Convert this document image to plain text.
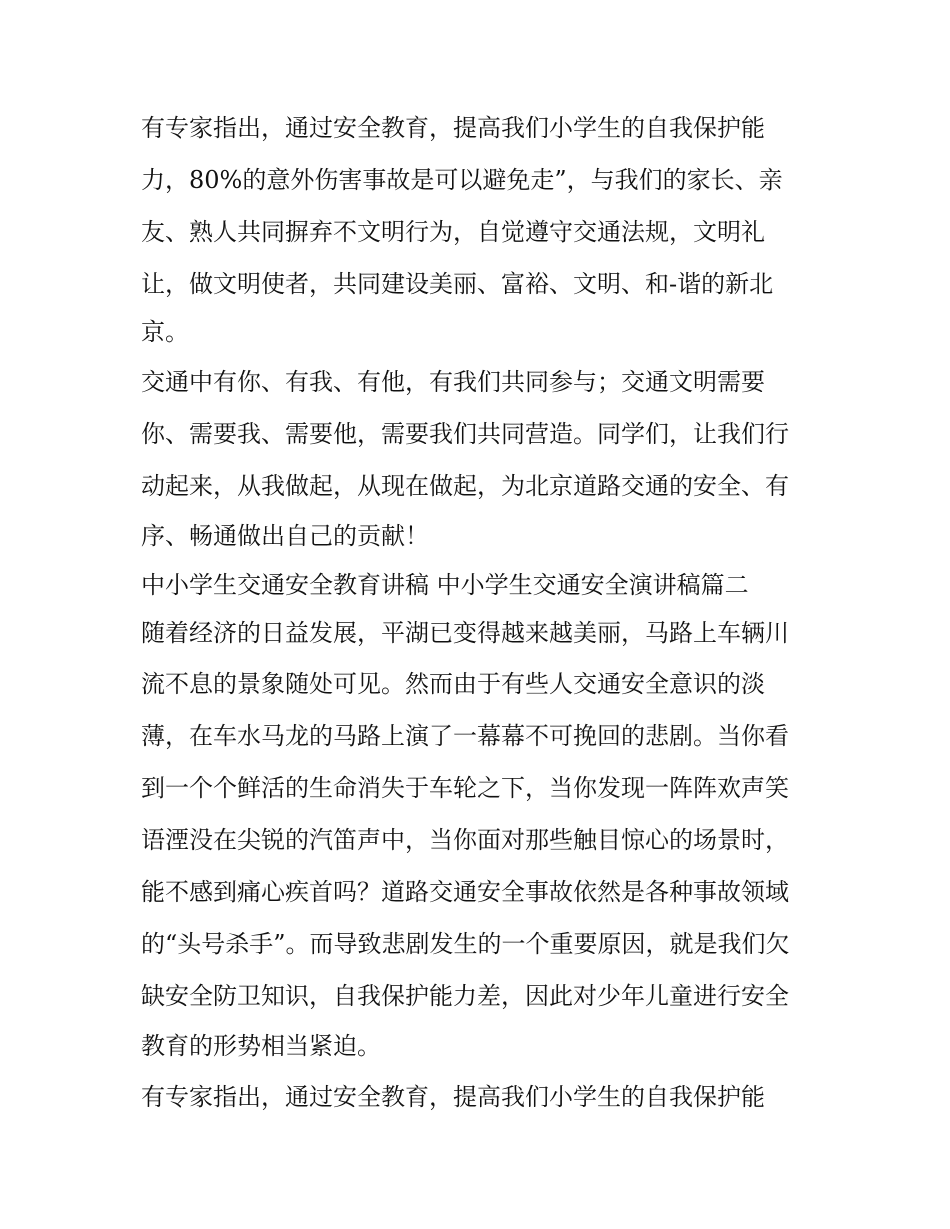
有专家指出，通过安全教育，提高我们小学生的自我保护能
力，80%的意外伤害事故是可以避免走”，与我们的家长、亲
友、熟人共同摒弃不文明行为，自觉遵守交通法规，文明礼
让，做文明使者，共同建设美丽、富裕、文明、和-谐的新北
京。
交通中有你、有我、有他，有我们共同参与；交通文明需要
你、需要我、需要他，需要我们共同营造。同学们，让我们行
动起来，从我做起，从现在做起，为北京道路交通的安全、有
序、畅通做出自己的贡献！
中小学生交通安全教育讲稿 中小学生交通安全演讲稿篇二
随着经济的日益发展，平湖已变得越来越美丽，马路上车辆川
流不息的景象随处可见。然而由于有些人交通安全意识的淡
薄，在车水马龙的马路上演了一幕幕不可挽回的悲剧。当你看
到一个个鲜活的生命消失于车轮之下，当你发现一阵阵欢声笑
语湮没在尖锐的汽笛声中，当你面对那些触目惊心的场景时，
能不感到痛心疾首吗？道路交通安全事故依然是各种事故领域
的“头号杀手”。而导致悲剧发生的一个重要原因，就是我们欠
缺安全防卫知识，自我保护能力差，因此对少年儿童进行安全
教育的形势相当紧迫。
有专家指出，通过安全教育，提高我们小学生的自我保护能
